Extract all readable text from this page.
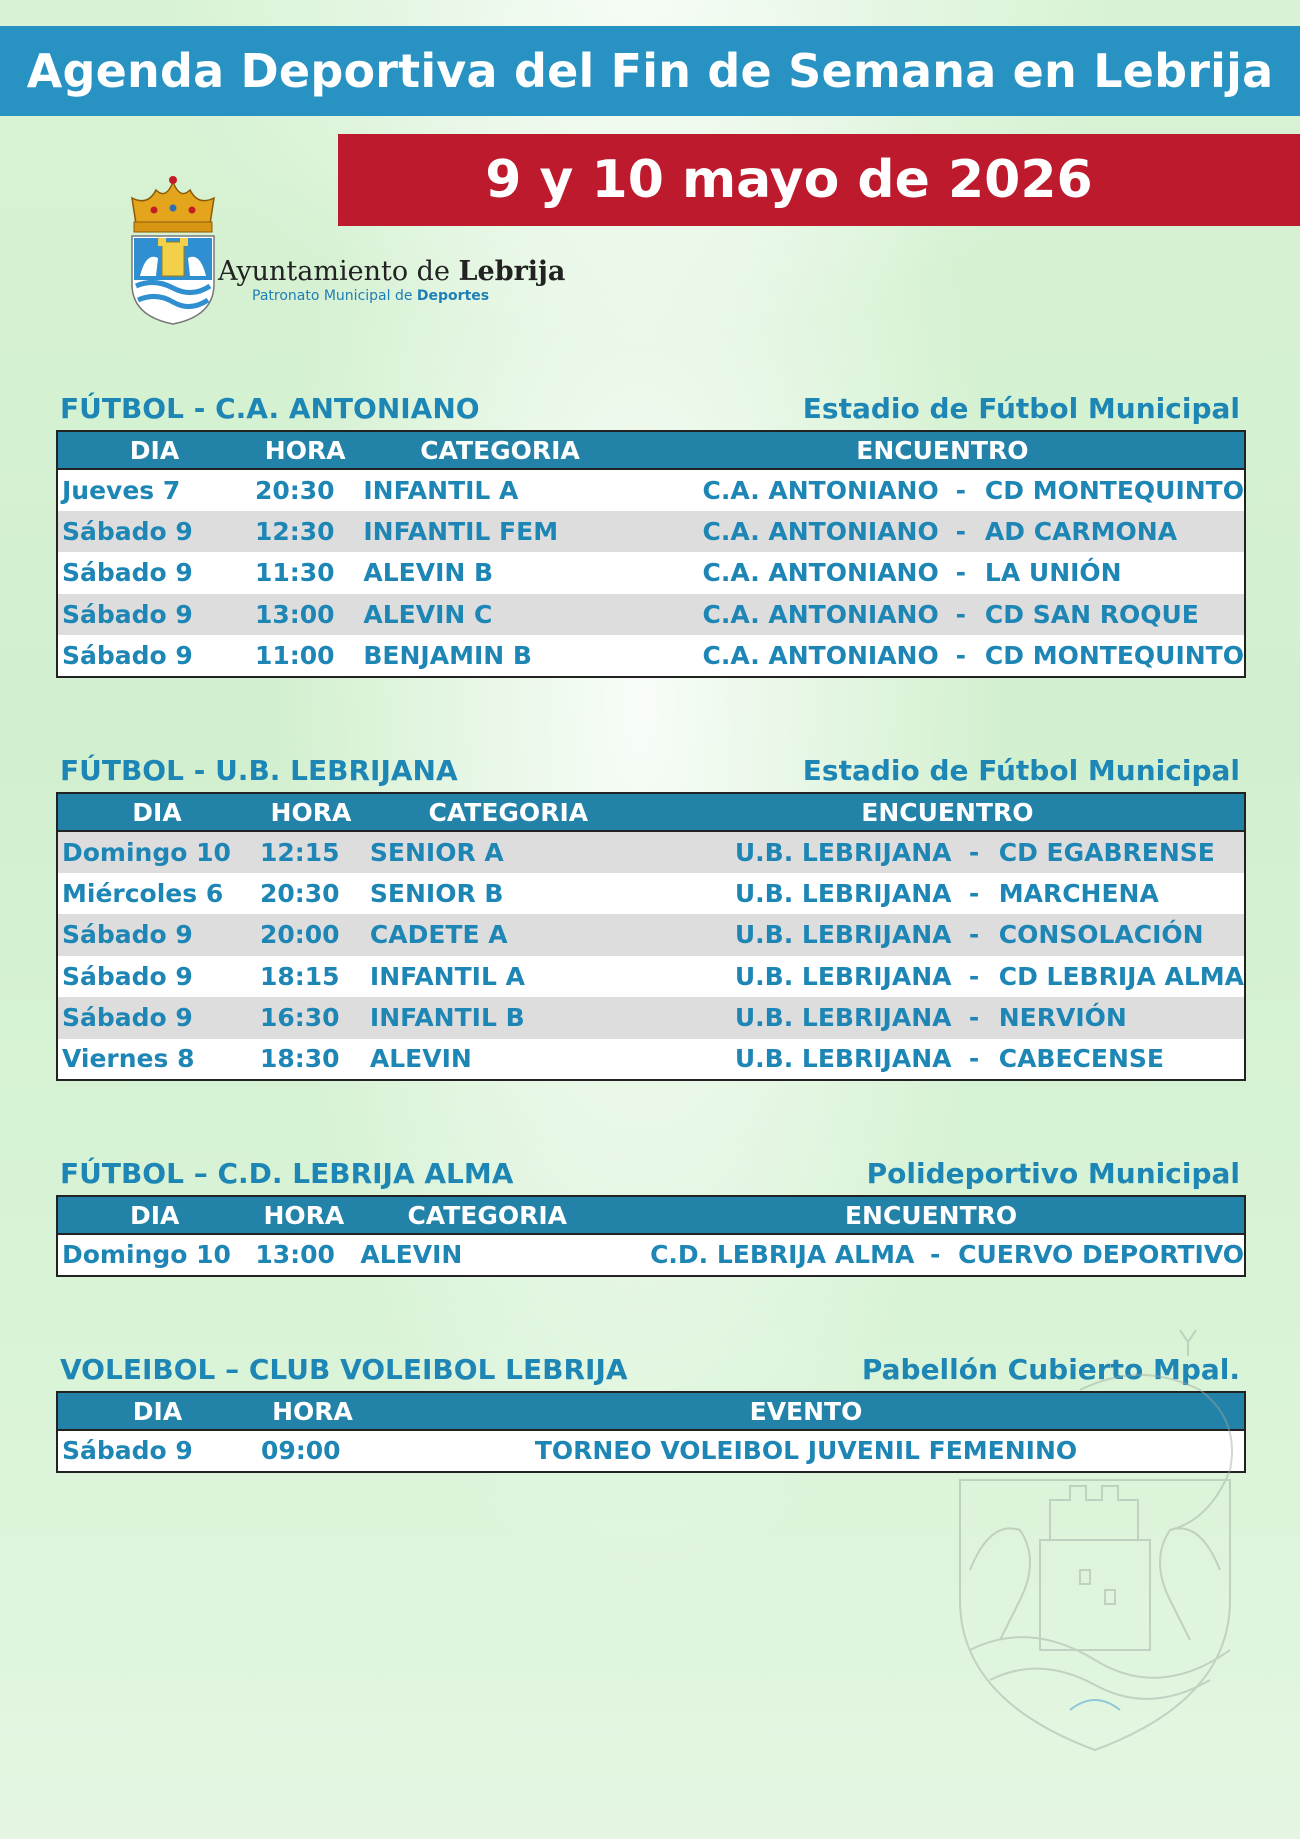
Agenda Deportiva del Fin de Semana en Lebrija
9 y 10 mayo de 2026
Ayuntamiento de Lebrija
Patronato Municipal de Deportes
FÚTBOL - C.A. ANTONIANO	Estadio de Fútbol Municipal
DIA	HORA	CATEGORIA	ENCUENTRO		
Jueves 7	20:30	INFANTIL A	C.A. ANTONIANO	-	CD MONTEQUINTO
Sábado 9	12:30	INFANTIL FEM	C.A. ANTONIANO	-	AD CARMONA
Sábado 9	11:30	ALEVIN B	C.A. ANTONIANO	-	LA UNIÓN
Sábado 9	13:00	ALEVIN C	C.A. ANTONIANO	-	CD SAN ROQUE
Sábado 9	11:00	BENJAMIN B	C.A. ANTONIANO	-	CD MONTEQUINTO
FÚTBOL - U.B. LEBRIJANA	Estadio de Fútbol Municipal
DIA	HORA	CATEGORIA	ENCUENTRO		
Domingo 10	12:15	SENIOR A	U.B. LEBRIJANA	-	CD EGABRENSE
Miércoles 6	20:30	SENIOR B	U.B. LEBRIJANA	-	MARCHENA
Sábado 9	20:00	CADETE A	U.B. LEBRIJANA	-	CONSOLACIÓN
Sábado 9	18:15	INFANTIL A	U.B. LEBRIJANA	-	CD LEBRIJA ALMA
Sábado 9	16:30	INFANTIL B	U.B. LEBRIJANA	-	NERVIÓN
Viernes 8	18:30	ALEVIN	U.B. LEBRIJANA	-	CABECENSE
FÚTBOL – C.D. LEBRIJA ALMA	Polideportivo Municipal
DIA	HORA	CATEGORIA	ENCUENTRO		
Domingo 10	13:00	ALEVIN	C.D. LEBRIJA ALMA	-	CUERVO DEPORTIVO
VOLEIBOL – CLUB VOLEIBOL LEBRIJA	Pabellón Cubierto Mpal.
DIA	HORA	EVENTO
Sábado 9	09:00	TORNEO VOLEIBOL JUVENIL FEMENINO
